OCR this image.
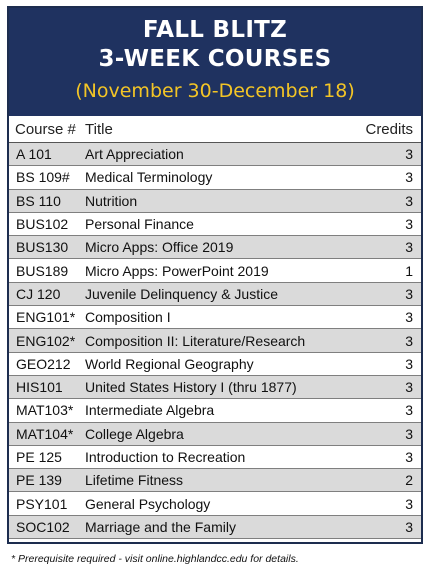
FALL BLITZ
3-WEEK COURSES
(November 30-December 18)
Course # Title	Credits
A 101	Art Appreciation	3
BS 109#	Medical Terminology	3
BS 110	Nutrition	3
BUS102	Personal Finance	3
BUS130	Micro Apps: Office 2019	3
BUS189	Micro Apps: PowerPoint 2019	1
CJ 120	Juvenile Delinquency & Justice	3
ENG101* Composition I	3
ENG102* Composition II: Literature/Research	3
GEO212	World Regional Geography	3
HIS101	United States History I (thru 1877)	3
MAT103* Intermediate Algebra	3
MAT104* College Algebra	3
PE 125	Introduction to Recreation	3
PE 139	Lifetime Fitness	2
PSY101	General Psychology	3
SOC102	Marriage and the Family	3
* Prerequisite required - visit online.highlandcc.edu for details.
